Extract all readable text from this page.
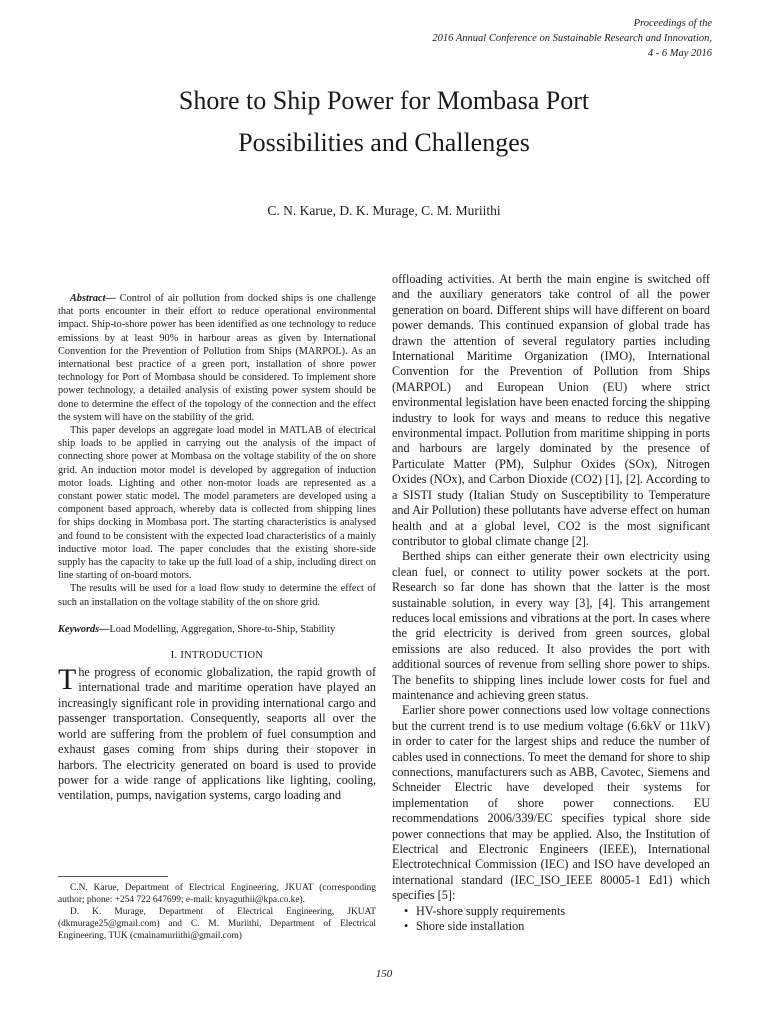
Proceedings of the
2016 Annual Conference on Sustainable Research and Innovation,
4 - 6 May 2016
Shore to Ship Power for Mombasa Port
Possibilities and Challenges
C. N. Karue, D. K. Murage, C. M. Muriithi

Abstract— Control of air pollution from docked ships is one challenge that ports encounter in their effort to reduce operational environmental impact. Ship-to-shore power has been identified as one technology to reduce emissions by at least 90% in harbour areas as given by International Convention for the Prevention of Pollution from Ships (MARPOL). As an international best practice of a green port, installation of shore power technology for Port of Mombasa should be considered. To implement shore power technology, a detailed analysis of existing power system should be done to determine the effect of the topology of the connection and the effect the system will have on the stability of the grid.

This paper develops an aggregate load model in MATLAB of electrical ship loads to be applied in carrying out the analysis of the impact of connecting shore power at Mombasa on the voltage stability of the on shore grid. An induction motor model is developed by aggregation of induction motor loads. Lighting and other non-motor loads are represented as a constant power static model. The model parameters are developed using a component based approach, whereby data is collected from shipping lines for ships docking in Mombasa port. The starting characteristics is analysed and found to be consistent with the expected load characteristics of a mainly inductive motor load. The paper concludes that the existing shore-side supply has the capacity to take up the full load of a ship, including direct on line starting of on-board motors.

The results will be used for a load flow study to determine the effect of such an installation on the voltage stability of the on shore grid.

Keywords—Load Modelling, Aggregation, Shore-to-Ship, Stability
I. INTRODUCTION

The progress of economic globalization, the rapid growth of international trade and maritime operation have played an increasingly significant role in providing international cargo and passenger transportation. Consequently, seaports all over the world are suffering from the problem of fuel consumption and exhaust gases coming from ships during their stopover in harbors. The electricity generated on board is used to provide power for a wide range of applications like lighting, cooling, ventilation, pumps, navigation systems, cargo loading and

C.N. Karue, Department of Electrical Engineering, JKUAT (corresponding author; phone: +254 722 647699; e-mail: knyaguthii@kpa.co.ke).

D. K. Murage, Department of Electrical Engineering, JKUAT (dkmurage25@gmail.com) and C. M. Muriithi, Department of Electrical Engineering, TUK (cmainamuriithi@gmail.com)

offloading activities. At berth the main engine is switched off and the auxiliary generators take control of all the power generation on board. Different ships will have different on board power demands. This continued expansion of global trade has drawn the attention of several regulatory parties including International Maritime Organization (IMO), International Convention for the Prevention of Pollution from Ships (MARPOL) and European Union (EU) where strict environmental legislation have been enacted forcing the shipping industry to look for ways and means to reduce this negative environmental impact. Pollution from maritime shipping in ports and harbours are largely dominated by the presence of Particulate Matter (PM), Sulphur Oxides (SOx), Nitrogen Oxides (NOx), and Carbon Dioxide (CO2) [1], [2]. According to a SISTI study (Italian Study on Susceptibility to Temperature and Air Pollution) these pollutants have adverse effect on human health and at a global level, CO2 is the most significant contributor to global climate change [2].

Berthed ships can either generate their own electricity using clean fuel, or connect to utility power sockets at the port. Research so far done has shown that the latter is the most sustainable solution, in every way [3], [4]. This arrangement reduces local emissions and vibrations at the port. In cases where the grid electricity is derived from green sources, global emissions are also reduced. It also provides the port with additional sources of revenue from selling shore power to ships. The benefits to shipping lines include lower costs for fuel and maintenance and achieving green status.

Earlier shore power connections used low voltage connections but the current trend is to use medium voltage (6.6kV or 11kV) in order to cater for the largest ships and reduce the number of cables used in connections. To meet the demand for shore to ship connections, manufacturers such as ABB, Cavotec, Siemens and Schneider Electric have developed their systems for implementation of shore power connections. EU recommendations 2006/339/EC specifies typical shore side power connections that may be applied. Also, the Institution of Electrical and Electronic Engineers (IEEE), International Electrotechnical Commission (IEC) and ISO have developed an international standard (IEC_ISO_IEEE 80005-1 Ed1) which specifies [5]:

• HV-shore supply requirements
• Shore side installation
150
